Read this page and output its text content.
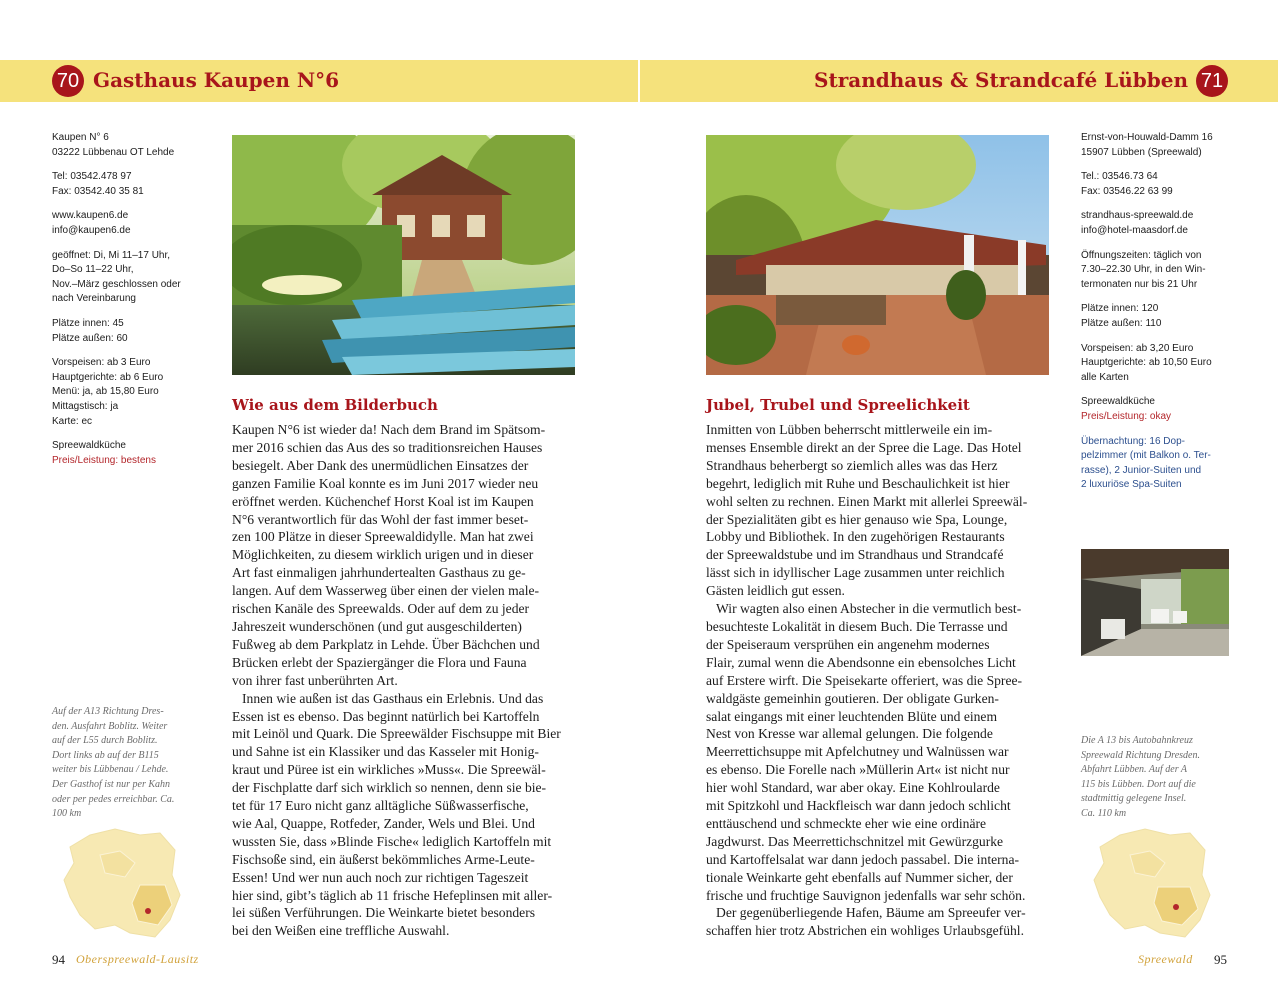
70 Gasthaus Kaupen N°6	Strandhaus & Strandcafé Lübben 71

Kaupen N° 6
03222 Lübbenau OT Lehde

Tel: 03542.478 97
Fax: 03542.40 35 81

www.kaupen6.de
info@kaupen6.de

geöffnet: Di, Mi 11–17 Uhr,
Do–So 11–22 Uhr,
Nov.–März geschlossen oder
nach Vereinbarung

Plätze innen: 45
Plätze außen: 60

Vorspeisen: ab 3 Euro
Hauptgerichte: ab 6 Euro
Menü: ja, ab 15,80 Euro
Mittagstisch: ja
Karte: ec

Spreewaldküche
Preis/Leistung: bestens

Wie aus dem Bilderbuch
Kaupen N°6 ist wieder da! Nach dem Brand im Spätsom-
mer 2016 schien das Aus des so traditionsreichen Hauses
besiegelt. Aber Dank des unermüdlichen Einsatzes der
ganzen Familie Koal konnte es im Juni 2017 wieder neu
eröffnet werden. Küchenchef Horst Koal ist im Kaupen
N°6 verantwortlich für das Wohl der fast immer beset-
zen 100 Plätze in dieser Spreewaldidylle. Man hat zwei
Möglichkeiten, zu diesem wirklich urigen und in dieser
Art fast einmaligen jahrhundertealten Gasthaus zu ge-
langen. Auf dem Wasserweg über einen der vielen male-
rischen Kanäle des Spreewalds. Oder auf dem zu jeder
Jahreszeit wunderschönen (und gut ausgeschilderten)
Fußweg ab dem Parkplatz in Lehde. Über Bächchen und
Brücken erlebt der Spaziergänger die Flora und Fauna
von ihrer fast unberührten Art.
Innen wie außen ist das Gasthaus ein Erlebnis. Und das
Essen ist es ebenso. Das beginnt natürlich bei Kartoffeln
mit Leinöl und Quark. Die Spreewälder Fischsuppe mit Bier
und Sahne ist ein Klassiker und das Kasseler mit Honig-
kraut und Püree ist ein wirkliches »Muss«. Die Spreewäl-
der Fischplatte darf sich wirklich so nennen, denn sie bie-
tet für 17 Euro nicht ganz alltägliche Süßwasserfische,
wie Aal, Quappe, Rotfeder, Zander, Wels und Blei. Und
wussten Sie, dass »Blinde Fische« lediglich Kartoffeln mit
Fischsoße sind, ein äußerst bekömmliches Arme-Leute-
Essen! Und wer nun auch noch zur richtigen Tageszeit
hier sind, gibt’s täglich ab 11 frische Hefeplinsen mit aller-
lei süßen Verführungen. Die Weinkarte bietet besonders
bei den Weißen eine treffliche Auswahl.
Auf der A13 Richtung Dres-
den. Ausfahrt Boblitz. Weiter
auf der L55 durch Boblitz.
Dort links ab auf der B115
weiter bis Lübbenau / Lehde.
Der Gasthof ist nur per Kahn
oder per pedes erreichbar. Ca.
100 km
94 Oberspreewald-Lausitz

Ernst-von-Houwald-Damm 16
15907 Lübben (Spreewald)

Tel.: 03546.73 64
Fax: 03546.22 63 99

strandhaus-spreewald.de
info@hotel-maasdorf.de

Öffnungszeiten: täglich von
7.30–22.30 Uhr, in den Win-
termonaten nur bis 21 Uhr

Plätze innen: 120
Plätze außen: 110

Vorspeisen: ab 3,20 Euro
Hauptgerichte: ab 10,50 Euro
alle Karten

Spreewaldküche
Preis/Leistung: okay

Übernachtung: 16 Dop-
pelzimmer (mit Balkon o. Ter-
rasse), 2 Junior-Suiten und
2 luxuriöse Spa-Suiten

Jubel, Trubel und Spreelichkeit
Inmitten von Lübben beherrscht mittlerweile ein im-
menses Ensemble direkt an der Spree die Lage. Das Hotel
Strandhaus beherbergt so ziemlich alles was das Herz
begehrt, lediglich mit Ruhe und Beschaulichkeit ist hier
wohl selten zu rechnen. Einen Markt mit allerlei Spreewäl-
der Spezialitäten gibt es hier genauso wie Spa, Lounge,
Lobby und Bibliothek. In den zugehörigen Restaurants
der Spreewaldstube und im Strandhaus und Strandcafé
lässt sich in idyllischer Lage zusammen unter reichlich
Gästen leidlich gut essen.
Wir wagten also einen Abstecher in die vermutlich best-
besuchteste Lokalität in diesem Buch. Die Terrasse und
der Speiseraum versprühen ein angenehm modernes
Flair, zumal wenn die Abendsonne ein ebensolches Licht
auf Erstere wirft. Die Speisekarte offeriert, was die Spree-
waldgäste gemeinhin goutieren. Der obligate Gurken-
salat eingangs mit einer leuchtenden Blüte und einem
Nest von Kresse war allemal gelungen. Die folgende
Meerrettichsuppe mit Apfelchutney und Walnüssen war
es ebenso. Die Forelle nach »Müllerin Art« ist nicht nur
hier wohl Standard, war aber okay. Eine Kohlroularde
mit Spitzkohl und Hackfleisch war dann jedoch schlicht
enttäuschend und schmeckte eher wie eine ordinäre
Jagdwurst. Das Meerrettichschnitzel mit Gewürzgurke
und Kartoffelsalat war dann jedoch passabel. Die interna-
tionale Weinkarte geht ebenfalls auf Nummer sicher, der
frische und fruchtige Sauvignon jedenfalls war sehr schön.
Der gegenüberliegende Hafen, Bäume am Spreeufer ver-
schaffen hier trotz Abstrichen ein wohliges Urlaubsgefühl.
Die A 13 bis Autobahnkreuz
Spreewald Richtung Dresden.
Abfahrt Lübben. Auf der A
115 bis Lübben. Dort auf die
stadtmittig gelegene Insel.
Ca. 110 km
Spreewald 95
